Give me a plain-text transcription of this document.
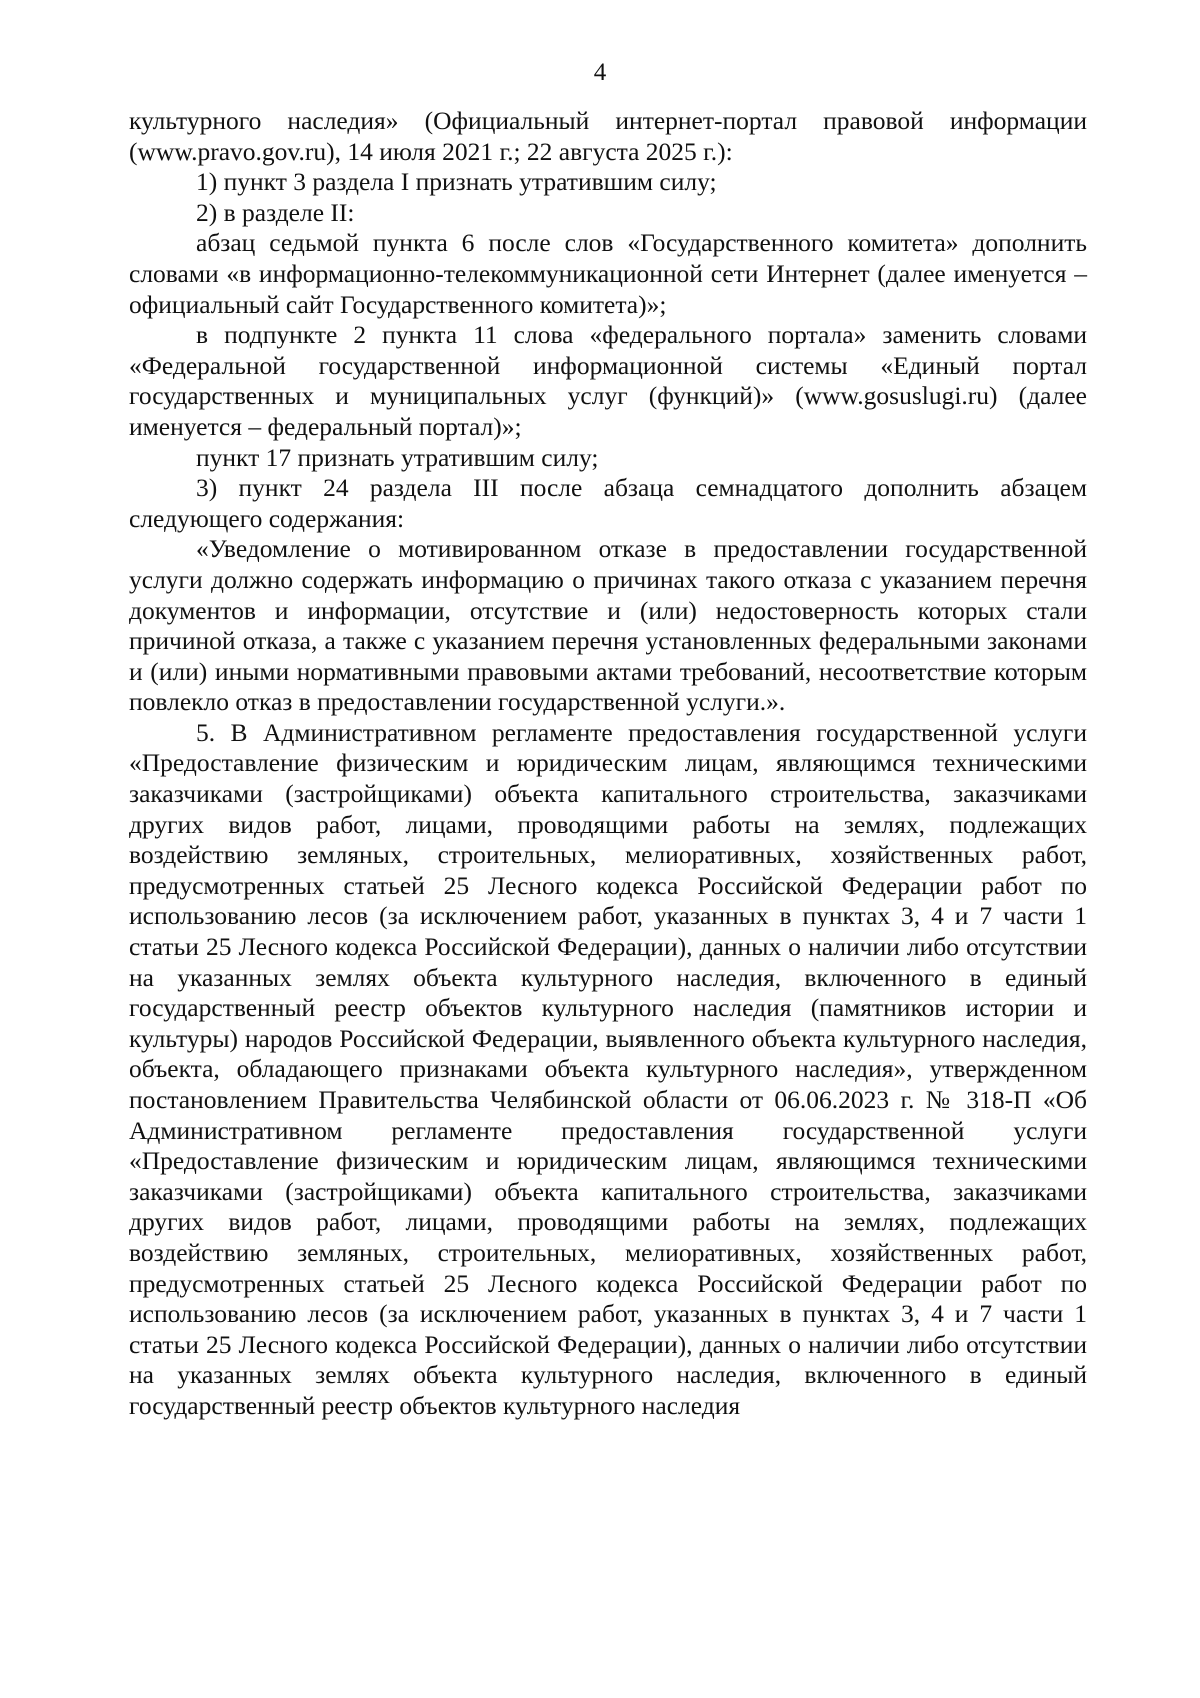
4

культурного наследия» (Официальный интернет-портал правовой информации (www.pravo.gov.ru), 14 июля 2021 г.; 22 августа 2025 г.):

1) пункт 3 раздела I признать утратившим силу;

2) в разделе II:

абзац седьмой пункта 6 после слов «Государственного комитета» дополнить словами «в информационно-телекоммуникационной сети Интернет (далее именуется – официальный сайт Государственного комитета)»;

в подпункте 2 пункта 11 слова «федерального портала» заменить словами «Федеральной государственной информационной системы «Единый портал государственных и муниципальных услуг (функций)» (www.gosuslugi.ru) (далее именуется – федеральный портал)»;

пункт 17 признать утратившим силу;

3) пункт 24 раздела III после абзаца семнадцатого дополнить абзацем следующего содержания:

«Уведомление о мотивированном отказе в предоставлении государственной услуги должно содержать информацию о причинах такого отказа с указанием перечня документов и информации, отсутствие и (или) недостоверность которых стали причиной отказа, а также с указанием перечня установленных федеральными законами и (или) иными нормативными правовыми актами требований, несоответствие которым повлекло отказ в предоставлении государственной услуги.».

5. В Административном регламенте предоставления государственной услуги «Предоставление физическим и юридическим лицам, являющимся техническими заказчиками (застройщиками) объекта капитального строительства, заказчиками других видов работ, лицами, проводящими работы на землях, подлежащих воздействию земляных, строительных, мелиоративных, хозяйственных работ, предусмотренных статьей 25 Лесного кодекса Российской Федерации работ по использованию лесов (за исключением работ, указанных в пунктах 3, 4 и 7 части 1 статьи 25 Лесного кодекса Российской Федерации), данных о наличии либо отсутствии на указанных землях объекта культурного наследия, включенного в единый государственный реестр объектов культурного наследия (памятников истории и культуры) народов Российской Федерации, выявленного объекта культурного наследия, объекта, обладающего признаками объекта культурного наследия», утвержденном постановлением Правительства Челябинской области от 06.06.2023 г. № 318-П «Об Административном регламенте предоставления государственной услуги «Предоставление физическим и юридическим лицам, являющимся техническими заказчиками (застройщиками) объекта капитального строительства, заказчиками других видов работ, лицами, проводящими работы на землях, подлежащих воздействию земляных, строительных, мелиоративных, хозяйственных работ, предусмотренных статьей 25 Лесного кодекса Российской Федерации работ по использованию лесов (за исключением работ, указанных в пунктах 3, 4 и 7 части 1 статьи 25 Лесного кодекса Российской Федерации), данных о наличии либо отсутствии на указанных землях объекта культурного наследия, включенного в единый государственный реестр объектов культурного наследия
